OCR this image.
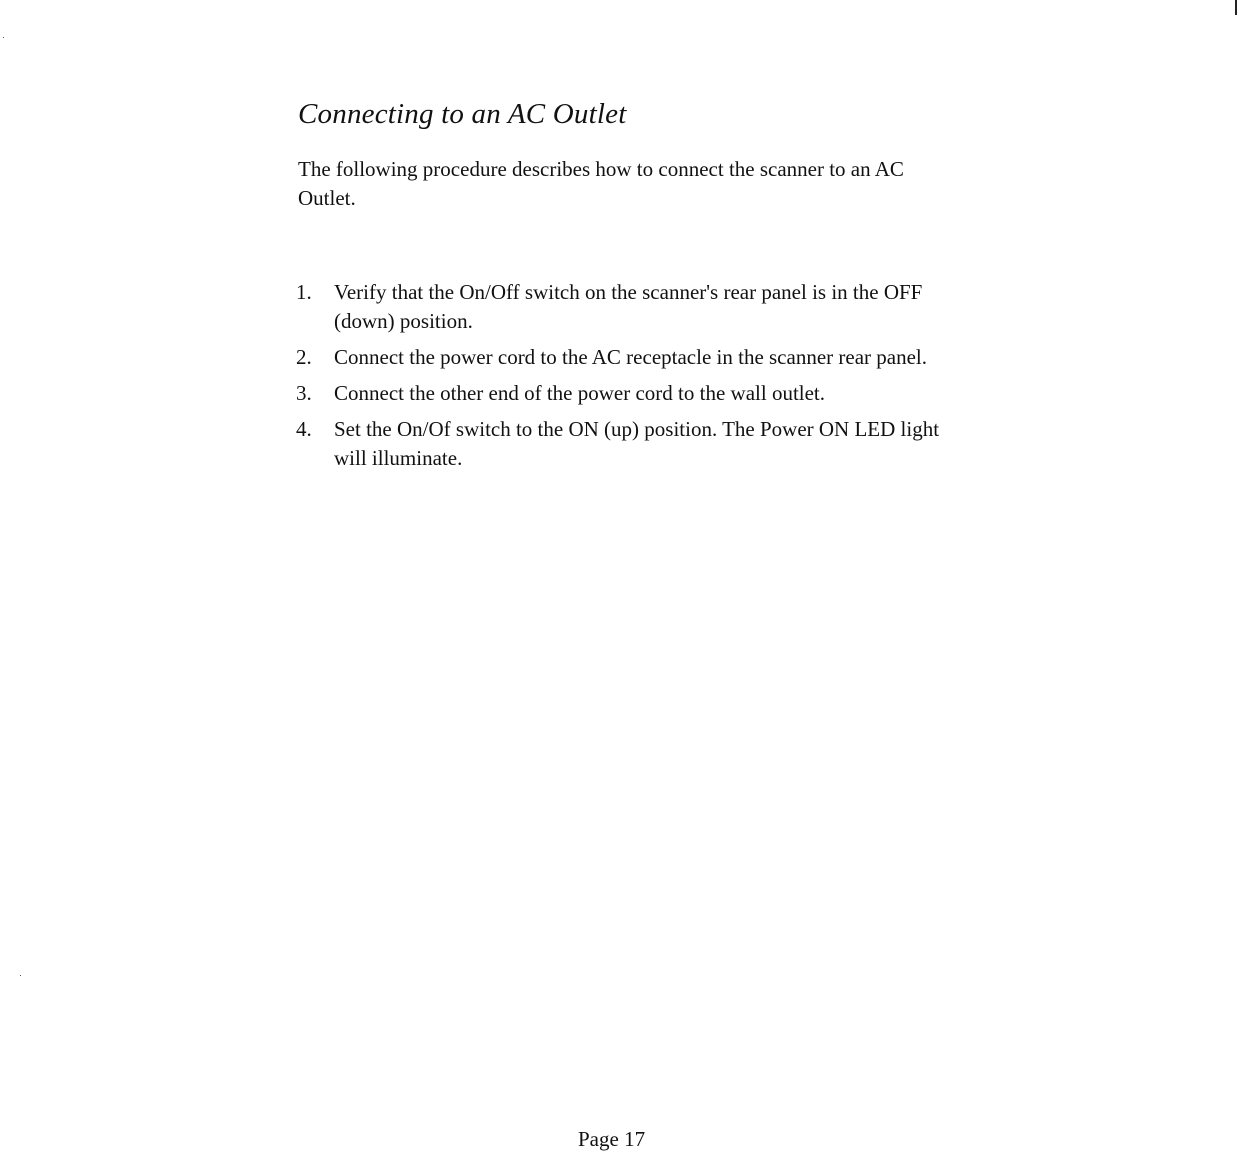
Connecting to an AC Outlet

The following procedure describes how to connect the scanner to an AC Outlet.

1. Verify that the On/Off switch on the scanner's rear panel is in the OFF (down) position.
2. Connect the power cord to the AC receptacle in the scanner rear panel.
3. Connect the other end of the power cord to the wall outlet.
4. Set the On/Of switch to the ON (up) position. The Power ON LED light will illuminate.
Page 17
